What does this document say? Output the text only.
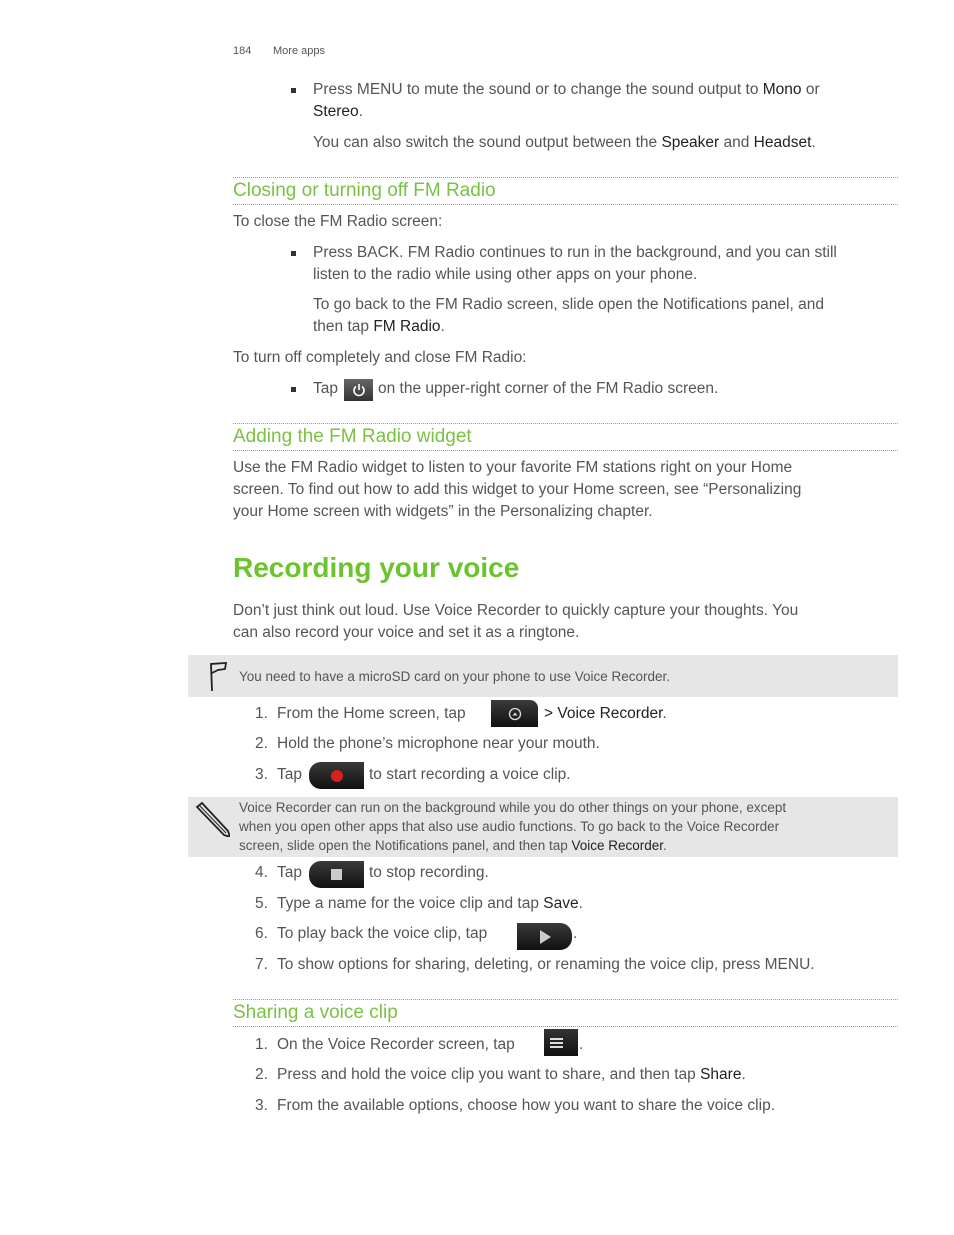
184 More apps
Press MENU to mute the sound or to change the sound output to Mono or
Stereo.
You can also switch the sound output between the Speaker and Headset.
Closing or turning off FM Radio
To close the FM Radio screen:
Press BACK. FM Radio continues to run in the background, and you can still
listen to the radio while using other apps on your phone.
To go back to the FM Radio screen, slide open the Notifications panel, and
then tap FM Radio.
To turn off completely and close FM Radio:
Tap	on the upper-right corner of the FM Radio screen.
Adding the FM Radio widget
Use the FM Radio widget to listen to your favorite FM stations right on your Home
screen. To find out how to add this widget to your Home screen, see “Personalizing
your Home screen with widgets” in the Personalizing chapter.
Recording your voice
Don’t just think out loud. Use Voice Recorder to quickly capture your thoughts. You
can also record your voice and set it as a ringtone.
You need to have a microSD card on your phone to use Voice Recorder.
1. From the Home screen, tap	> Voice Recorder.
2. Hold the phone’s microphone near your mouth.
3. Tap	to start recording a voice clip.
Voice Recorder can run on the background while you do other things on your phone, except
when you open other apps that also use audio functions. To go back to the Voice Recorder
screen, slide open the Notifications panel, and then tap Voice Recorder.
4. Tap	to stop recording.
5. Type a name for the voice clip and tap Save.
6. To play back the voice clip, tap	.
7. To show options for sharing, deleting, or renaming the voice clip, press MENU.
Sharing a voice clip
1. On the Voice Recorder screen, tap	.
2. Press and hold the voice clip you want to share, and then tap Share.
3. From the available options, choose how you want to share the voice clip.
